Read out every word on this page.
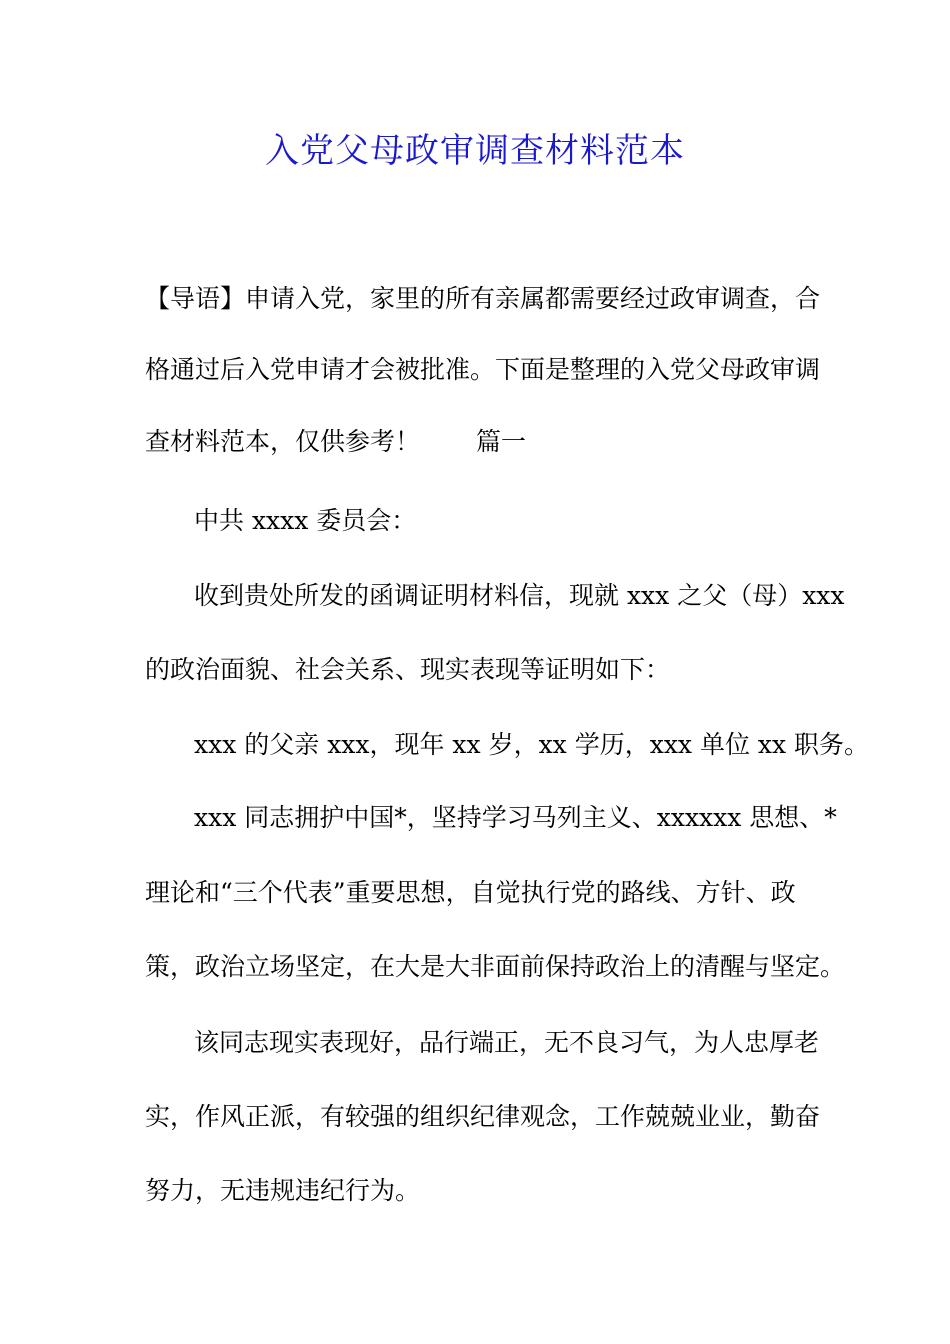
入党父母政审调查材料范本
【导语】申请入党，家里的所有亲属都需要经过政审调查，合
格通过后入党申请才会被批准。下面是整理的入党父母政审调
查材料范本，仅供参考！ 篇一
中共 xxxx 委员会：
收到贵处所发的函调证明材料信，现就 xxx 之父（母）xxx
的政治面貌、社会关系、现实表现等证明如下：
xxx 的父亲 xxx，现年 xx 岁，xx 学历，xxx 单位 xx 职务。
xxx 同志拥护中国*，坚持学习马列主义、xxxxxx 思想、*
理论和“三个代表”重要思想，自觉执行党的路线、方针、政
策，政治立场坚定，在大是大非面前保持政治上的清醒与坚定。
该同志现实表现好，品行端正，无不良习气，为人忠厚老
实，作风正派，有较强的组织纪律观念，工作兢兢业业，勤奋
努力，无违规违纪行为。
